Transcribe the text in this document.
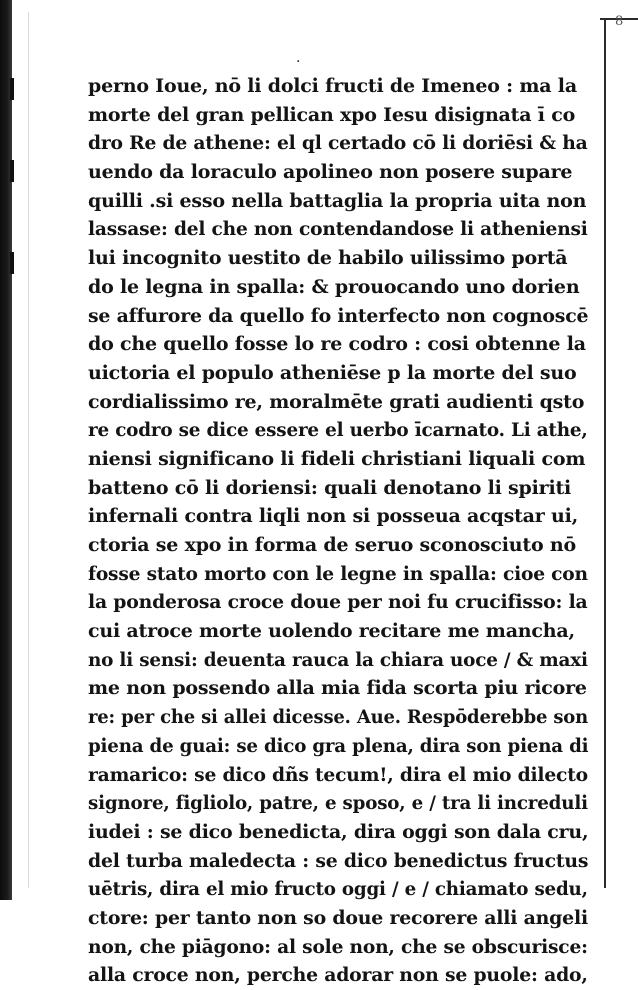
8
.
perno Ioue, nō li dolci fructi de Imeneo : ma la
morte del gran pellican xpo Iesu disignata ī co
dro Re de athene: el ql certado cō li doriēsi & ha
uendo da loraculo apolineo non posere supare
quilli .si esso nella battaglia la propria uita non
lassase: del che non contendandose li atheniensi
lui incognito uestito de habilo uilissimo portā
do le legna in spalla: & prouocando uno dorien
se affurore da quello fo interfecto non cognoscē
do che quello fosse lo re codro : cosi obtenne la
uictoria el populo atheniēse p la morte del suo
cordialissimo re, moralmēte grati audienti qsto
re codro se dice essere el uerbo īcarnato. Li athe,
niensi significano li fideli christiani liquali com
batteno cō li doriensi: quali denotano li spiriti
infernali contra liqli non si posseua acqstar ui,
ctoria se xpo in forma de seruo sconosciuto nō
fosse stato morto con le legne in spalla: cioe con
la ponderosa croce doue per noi fu crucifisso: la
cui atroce morte uolendo recitare me mancha,
no li sensi: deuenta rauca la chiara uoce / & maxi
me non possendo alla mia fida scorta piu ricore
re: per che si allei dicesse. Aue. Respōderebbe son
piena de guai: se dico gra plena, dira son piena di
ramarico: se dico dñs tecum!, dira el mio dilecto
signore, figliolo, patre, e sposo, e / tra li increduli
iudei : se dico benedicta, dira oggi son dala cru,
del turba maledecta : se dico benedictus fructus
uētris, dira el mio fructo oggi / e / chiamato sedu,
ctore: per tanto non so doue recorere alli angeli
non, che piāgono: al sole non, che se obscurisce:
alla croce non, perche adorar non se puole: ado,
